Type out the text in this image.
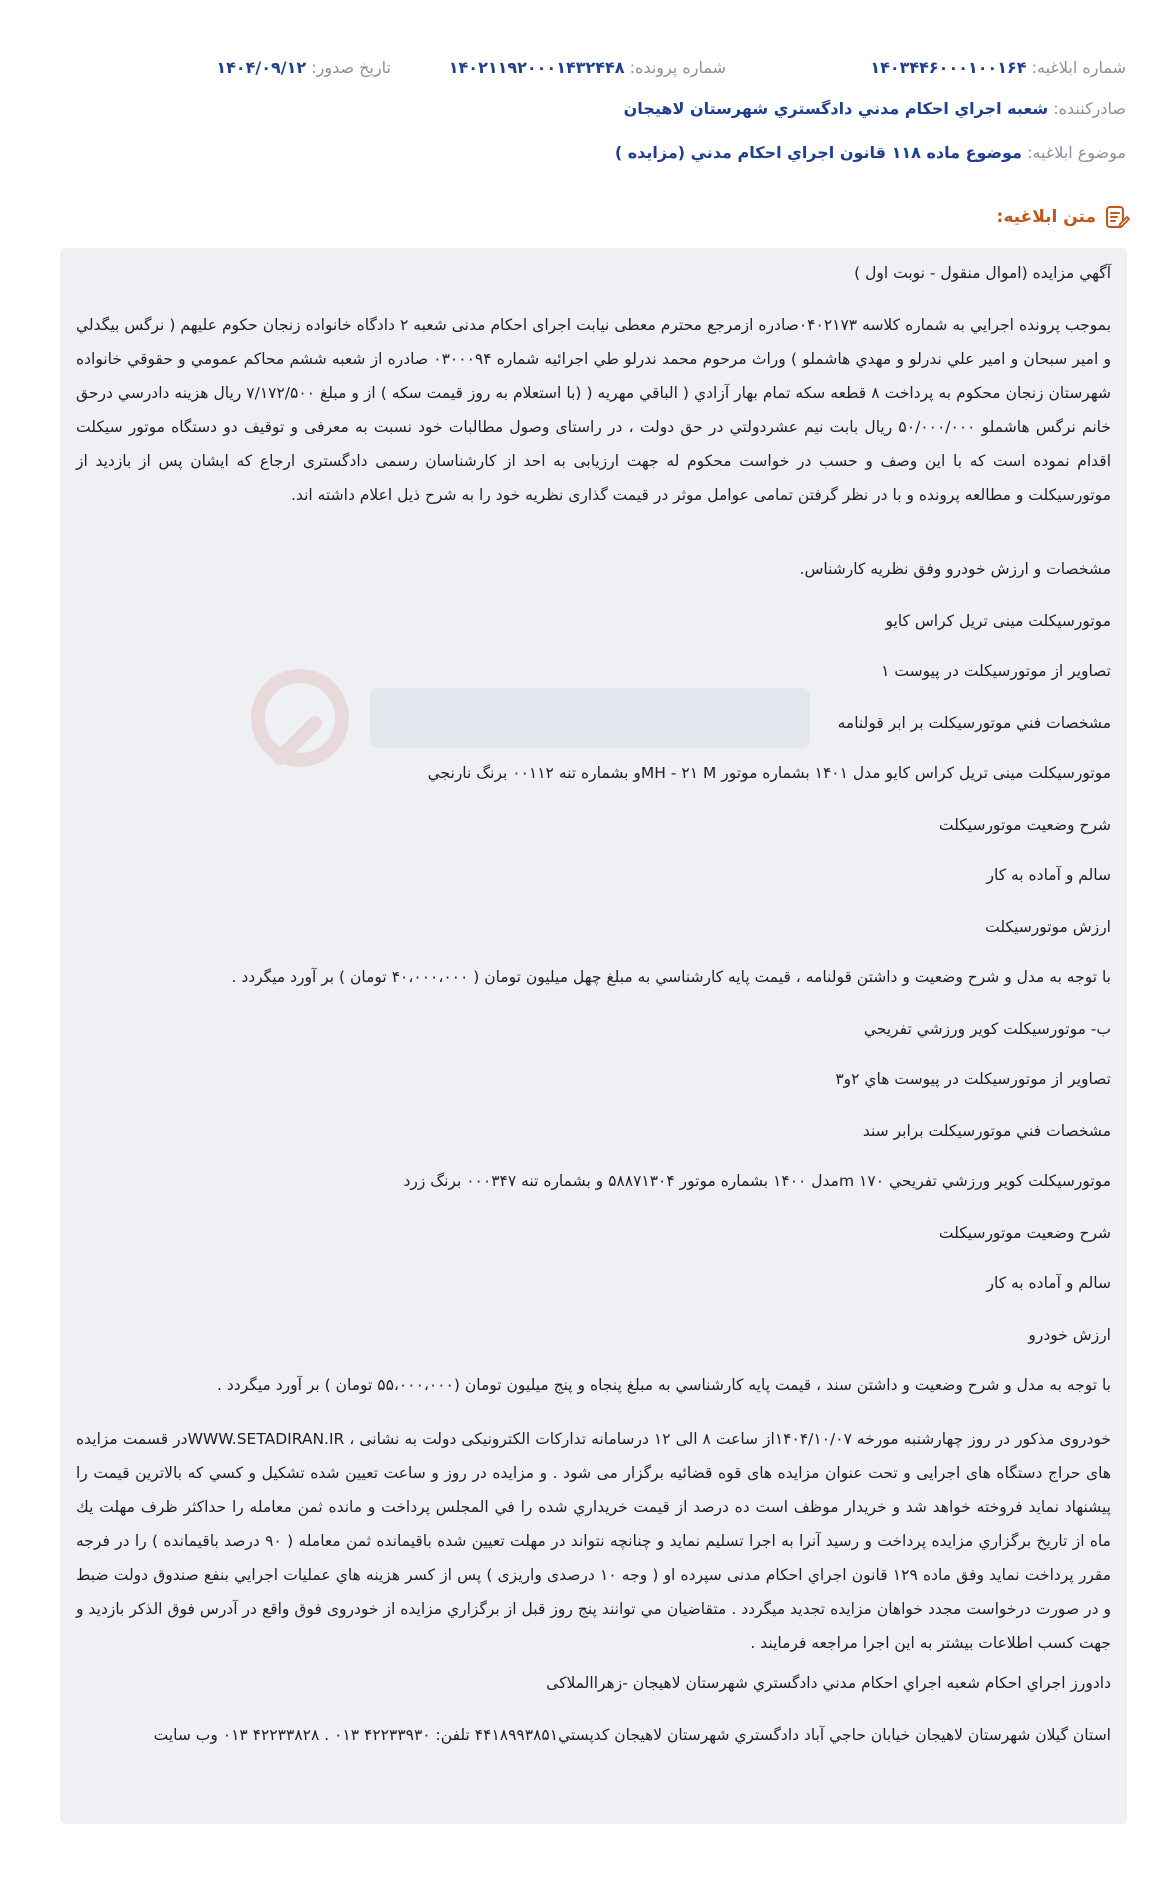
شماره ابلاغيه: ۱۴۰۳۴۴۶۰۰۰۱۰۰۱۶۴
شماره پرونده: ۱۴۰۲۱۱۹۲۰۰۰۱۴۳۲۴۴۸
تاريخ صدور: ۱۴۰۴/۰۹/۱۲
صادرکننده: شعبه اجراي احکام مدني دادگستري شهرستان لاهيجان
موضوع ابلاغيه: موضوع ماده ۱۱۸ قانون اجراي احکام مدني (مزايده )
متن ابلاغيه:

آگهي مزايده (اموال منقول - نوبت اول )

بموجب پرونده اجرايي به شماره كلاسه ۰۴۰۲۱۷۳صادره ازمرجع محترم معطی نيابت اجرای احكام مدنی شعبه ۲ دادگاه خانواده زنجان حكوم عليهم ( نرگس بيگدلي و امير سبحان و امير علي ندرلو و مهدي هاشملو ) وراث مرحوم محمد ندرلو طي اجرائيه شماره ۰۳۰۰۰۹۴ صادره از شعبه ششم محاكم عمومي و حقوقي خانواده شهرستان زنجان محكوم به پرداخت ۸ قطعه سكه تمام بهار آزادي ( الباقي مهريه ( (با استعلام به روز قيمت سكه ) از و مبلغ ۷/۱۷۲/۵۰۰ ريال هزينه دادرسي درحق خانم نرگس هاشملو ۵۰/۰۰۰/۰۰۰ ريال بابت نيم عشردولتي در حق دولت ، در راستای وصول مطالبات خود نسبت به معرفی و توقيف دو دستگاه موتور سيكلت اقدام نموده است كه با اين وصف و حسب در خواست محكوم له جهت ارزيابی به احد از كارشناسان رسمی دادگستری ارجاع كه ايشان پس از بازديد از موتورسيكلت و مطالعه پرونده و با در نظر گرفتن تمامی عوامل موثر در قيمت گذاری نظريه خود را به شرح ذيل اعلام داشته اند.

مشخصات و ارزش خودرو وفق نظريه كارشناس.

موتورسيكلت مينی تريل كراس كايو

تصاوير از موتورسيكلت در پيوست ۱

مشخصات فني موتورسيكلت بر ابر قولنامه

موتورسيكلت مينی تريل كراس كايو مدل ۱۴۰۱ بشماره موتور MH - ۲۱ Mو بشماره تنه ۰۰۱۱۲ برنگ نارنجي

شرح وضعيت موتورسيكلت

سالم و آماده به كار

ارزش موتورسيكلت

با توجه به مدل و شرح وضعيت و داشتن قولنامه ، قيمت پايه كارشناسي به مبلغ چهل ميليون تومان ( ۴۰،۰۰۰،۰۰۰ تومان ) بر آورد ميگردد .

ب- موتورسيكلت كوير ورزشي تفريحي

تصاوير از موتورسيكلت در پيوست هاي ۲و۳

مشخصات فني موتورسيكلت برابر سند

موتورسيكلت كوير ورزشي تفريحي ۱۷۰ mمدل ۱۴۰۰ بشماره موتور ۵۸۸۷۱۳۰۴ و بشماره تنه ۰۰۰۳۴۷ برنگ زرد

شرح وضعيت موتورسيكلت

سالم و آماده به كار

ارزش خودرو

با توجه به مدل و شرح وضعيت و داشتن سند ، قيمت پايه كارشناسي به مبلغ پنجاه و پنج ميليون تومان (۵۵،۰۰۰،۰۰۰ تومان ) بر آورد ميگردد .

خودروی مذكور در روز چهارشنبه مورخه ۱۴۰۴/۱۰/۰۷از ساعت ۸ الی ۱۲ درسامانه تداركات الكترونيكی دولت به نشانی ، WWW.SETADIRAN.IRدر قسمت مزايده های حراج دستگاه های اجرايی و تحت عنوان مزايده های قوه قضائيه برگزار می شود . و مزايده در روز و ساعت تعيين شده تشكيل و كسي كه بالاترين قيمت را پيشنهاد نمايد فروخته خواهد شد و خريدار موظف است ده درصد از قيمت خريداري شده را في المجلس پرداخت و مانده ثمن معامله را حداكثر ظرف مهلت يك ماه از تاريخ برگزاري مزايده پرداخت و رسيد آنرا به اجرا تسليم نمايد و چنانچه نتواند در مهلت تعيين شده باقيمانده ثمن معامله ( ۹۰ درصد باقيمانده ) را در فرجه مقرر پرداخت نمايد وفق ماده ۱۲۹ قانون اجراي احكام مدنی سپرده او ( وجه ۱۰ درصدی واريزی ) پس از كسر هزينه هاي عمليات اجرايي بنفع صندوق دولت ضبط و در صورت درخواست مجدد خواهان مزايده تجديد ميگردد . متقاضيان مي توانند پنج روز قبل از برگزاري مزايده از خودروی فوق واقع در آدرس فوق الذكر بازديد و جهت كسب اطلاعات بيشتر به اين اجرا مراجعه فرمايند .

دادورز اجراي احكام شعبه اجراي احكام مدني دادگستري شهرستان لاهيجان -زهراالملاكی

استان گيلان شهرستان لاهيجان خيابان حاجي آباد دادگستري شهرستان لاهيجان كدپستي۴۴۱۸۹۹۳۸۵۱ تلفن: ۴۲۲۳۳۹۳۰ ۰۱۳ . ۴۲۲۳۳۸۲۸ ۰۱۳ وب سايت
